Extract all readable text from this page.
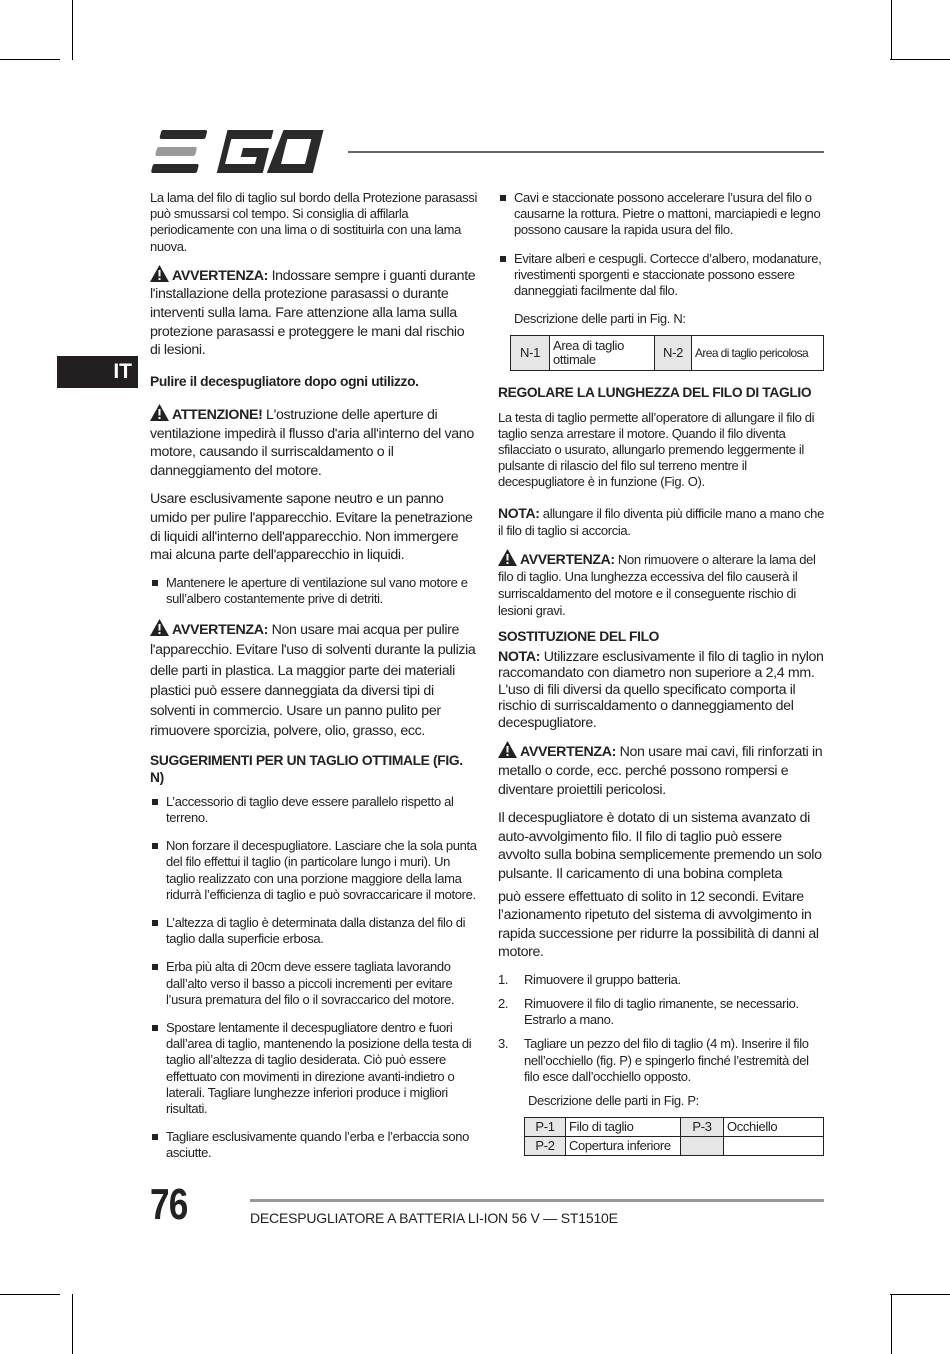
IT

La lama del filo di taglio sul bordo della Protezione parasassi può smussarsi col tempo. Si consiglia di affilarla periodicamente con una lima o di sostituirla con una lama nuova.

AVVERTENZA: Indossare sempre i guanti durante l'installazione della protezione parasassi o durante interventi sulla lama. Fare attenzione alla lama sulla protezione parasassi e proteggere le mani dal rischio di lesioni.

Pulire il decespugliatore dopo ogni utilizzo.

ATTENZIONE! L'ostruzione delle aperture di ventilazione impedirà il flusso d'aria all'interno del vano motore, causando il surriscaldamento o il danneggiamento del motore.

Usare esclusivamente sapone neutro e un panno umido per pulire l'apparecchio. Evitare la penetrazione di liquidi all'interno dell'apparecchio. Non immergere mai alcuna parte dell'apparecchio in liquidi.

Mantenere le aperture di ventilazione sul vano motore e sull’albero costantemente prive di detriti.

AVVERTENZA: Non usare mai acqua per pulire l'apparecchio. Evitare l'uso di solventi durante la pulizia delle parti in plastica. La maggior parte dei materiali plastici può essere danneggiata da diversi tipi di solventi in commercio. Usare un panno pulito per rimuovere sporcizia, polvere, olio, grasso, ecc.

SUGGERIMENTI PER UN TAGLIO OTTIMALE (FIG. N)

L’accessorio di taglio deve essere parallelo rispetto al terreno.
Non forzare il decespugliatore. Lasciare che la sola punta del filo effettui il taglio (in particolare lungo i muri). Un taglio realizzato con una porzione maggiore della lama ridurrà l’efficienza di taglio e può sovraccaricare il motore.
L’altezza di taglio è determinata dalla distanza del filo di taglio dalla superficie erbosa.
Erba più alta di 20cm deve essere tagliata lavorando dall’alto verso il basso a piccoli incrementi per evitare l’usura prematura del filo o il sovraccarico del motore.
Spostare lentamente il decespugliatore dentro e fuori dall’area di taglio, mantenendo la posizione della testa di taglio all’altezza di taglio desiderata. Ciò può essere effettuato con movimenti in direzione avanti-indietro o laterali. Tagliare lunghezze inferiori produce i migliori risultati.
Tagliare esclusivamente quando l’erba e l’erbaccia sono asciutte.
Cavi e staccionate possono accelerare l’usura del filo o causarne la rottura. Pietre o mattoni, marciapiedi e legno possono causare la rapida usura del filo.
Evitare alberi e cespugli. Cortecce d’albero, modanature, rivestimenti sporgenti e staccionate possono essere danneggiati facilmente dal filo.

Descrizione delle parti in Fig. N:

N-1	Area di taglio ottimale	N-2	Area di taglio pericolosa

REGOLARE LA LUNGHEZZA DEL FILO DI TAGLIO

La testa di taglio permette all’operatore di allungare il filo di taglio senza arrestare il motore. Quando il filo diventa sfilacciato o usurato, allungarlo premendo leggermente il pulsante di rilascio del filo sul terreno mentre il decespugliatore è in funzione (Fig. O).

NOTA: allungare il filo diventa più difficile mano a mano che il filo di taglio si accorcia.

AVVERTENZA: Non rimuovere o alterare la lama del filo di taglio. Una lunghezza eccessiva del filo causerà il surriscaldamento del motore e il conseguente rischio di lesioni gravi.

SOSTITUZIONE DEL FILO

NOTA: Utilizzare esclusivamente il filo di taglio in nylon raccomandato con diametro non superiore a 2,4 mm. L'uso di fili diversi da quello specificato comporta il rischio di surriscaldamento o danneggiamento del decespugliatore.

AVVERTENZA: Non usare mai cavi, fili rinforzati in metallo o corde, ecc. perché possono rompersi e diventare proiettili pericolosi.

Il decespugliatore è dotato di un sistema avanzato di auto-avvolgimento filo. Il filo di taglio può essere avvolto sulla bobina semplicemente premendo un solo pulsante. Il caricamento di una bobina completa

può essere effettuato di solito in 12 secondi. Evitare l’azionamento ripetuto del sistema di avvolgimento in rapida successione per ridurre la possibilità di danni al motore.

1. Rimuovere il gruppo batteria.
2. Rimuovere il filo di taglio rimanente, se necessario. Estrarlo a mano.
3. Tagliare un pezzo del filo di taglio (4 m). Inserire il filo nell’occhiello (fig. P) e spingerlo finché l’estremità del filo esce dall’occhiello opposto.

Descrizione delle parti in Fig. P:

P-1	Filo di taglio	P-3	Occhiello
P-2	Copertura inferiore		
76	DECESPUGLIATORE A BATTERIA LI-ION 56 V — ST1510E
